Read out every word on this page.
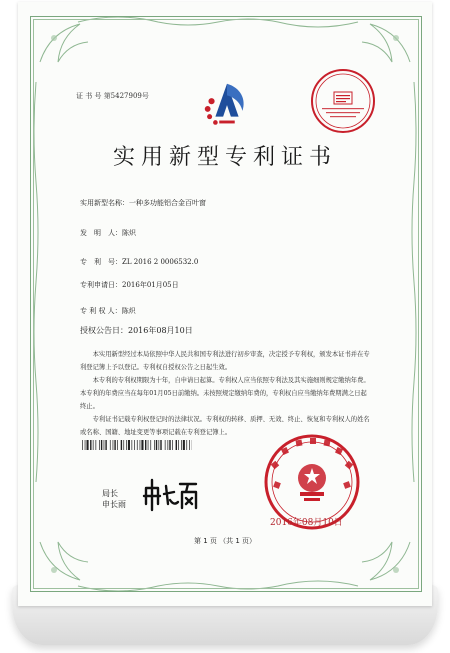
证 书 号 第5427909号
实用新型专利证书
实用新型名称：一种多功能铝合金百叶窗
发　明　人：陈炽
专　利　号：ZL 2016 2 0006532.0
专利申请日：2016年01月05日
专 利 权 人：陈炽
授权公告日：2016年08月10日

本实用新型经过本局依照中华人民共和国专利法进行初步审查，决定授予专利权，颁发本证书并在专利登记簿上予以登记。专利权自授权公告之日起生效。

本专利的专利权期限为十年，自申请日起算。专利权人应当依照专利法及其实施细则规定缴纳年费。本专利的年费应当在每年01月05日前缴纳。未按照规定缴纳年费的，专利权自应当缴纳年费期满之日起终止。

专利证书记载专利权登记时的法律状况。专利权的转移、质押、无效、终止、恢复和专利权人的姓名或名称、国籍、地址变更等事项记载在专利登记簿上。

局长
申长雨
2016年08月10日
第 1 页 （共 1 页）
